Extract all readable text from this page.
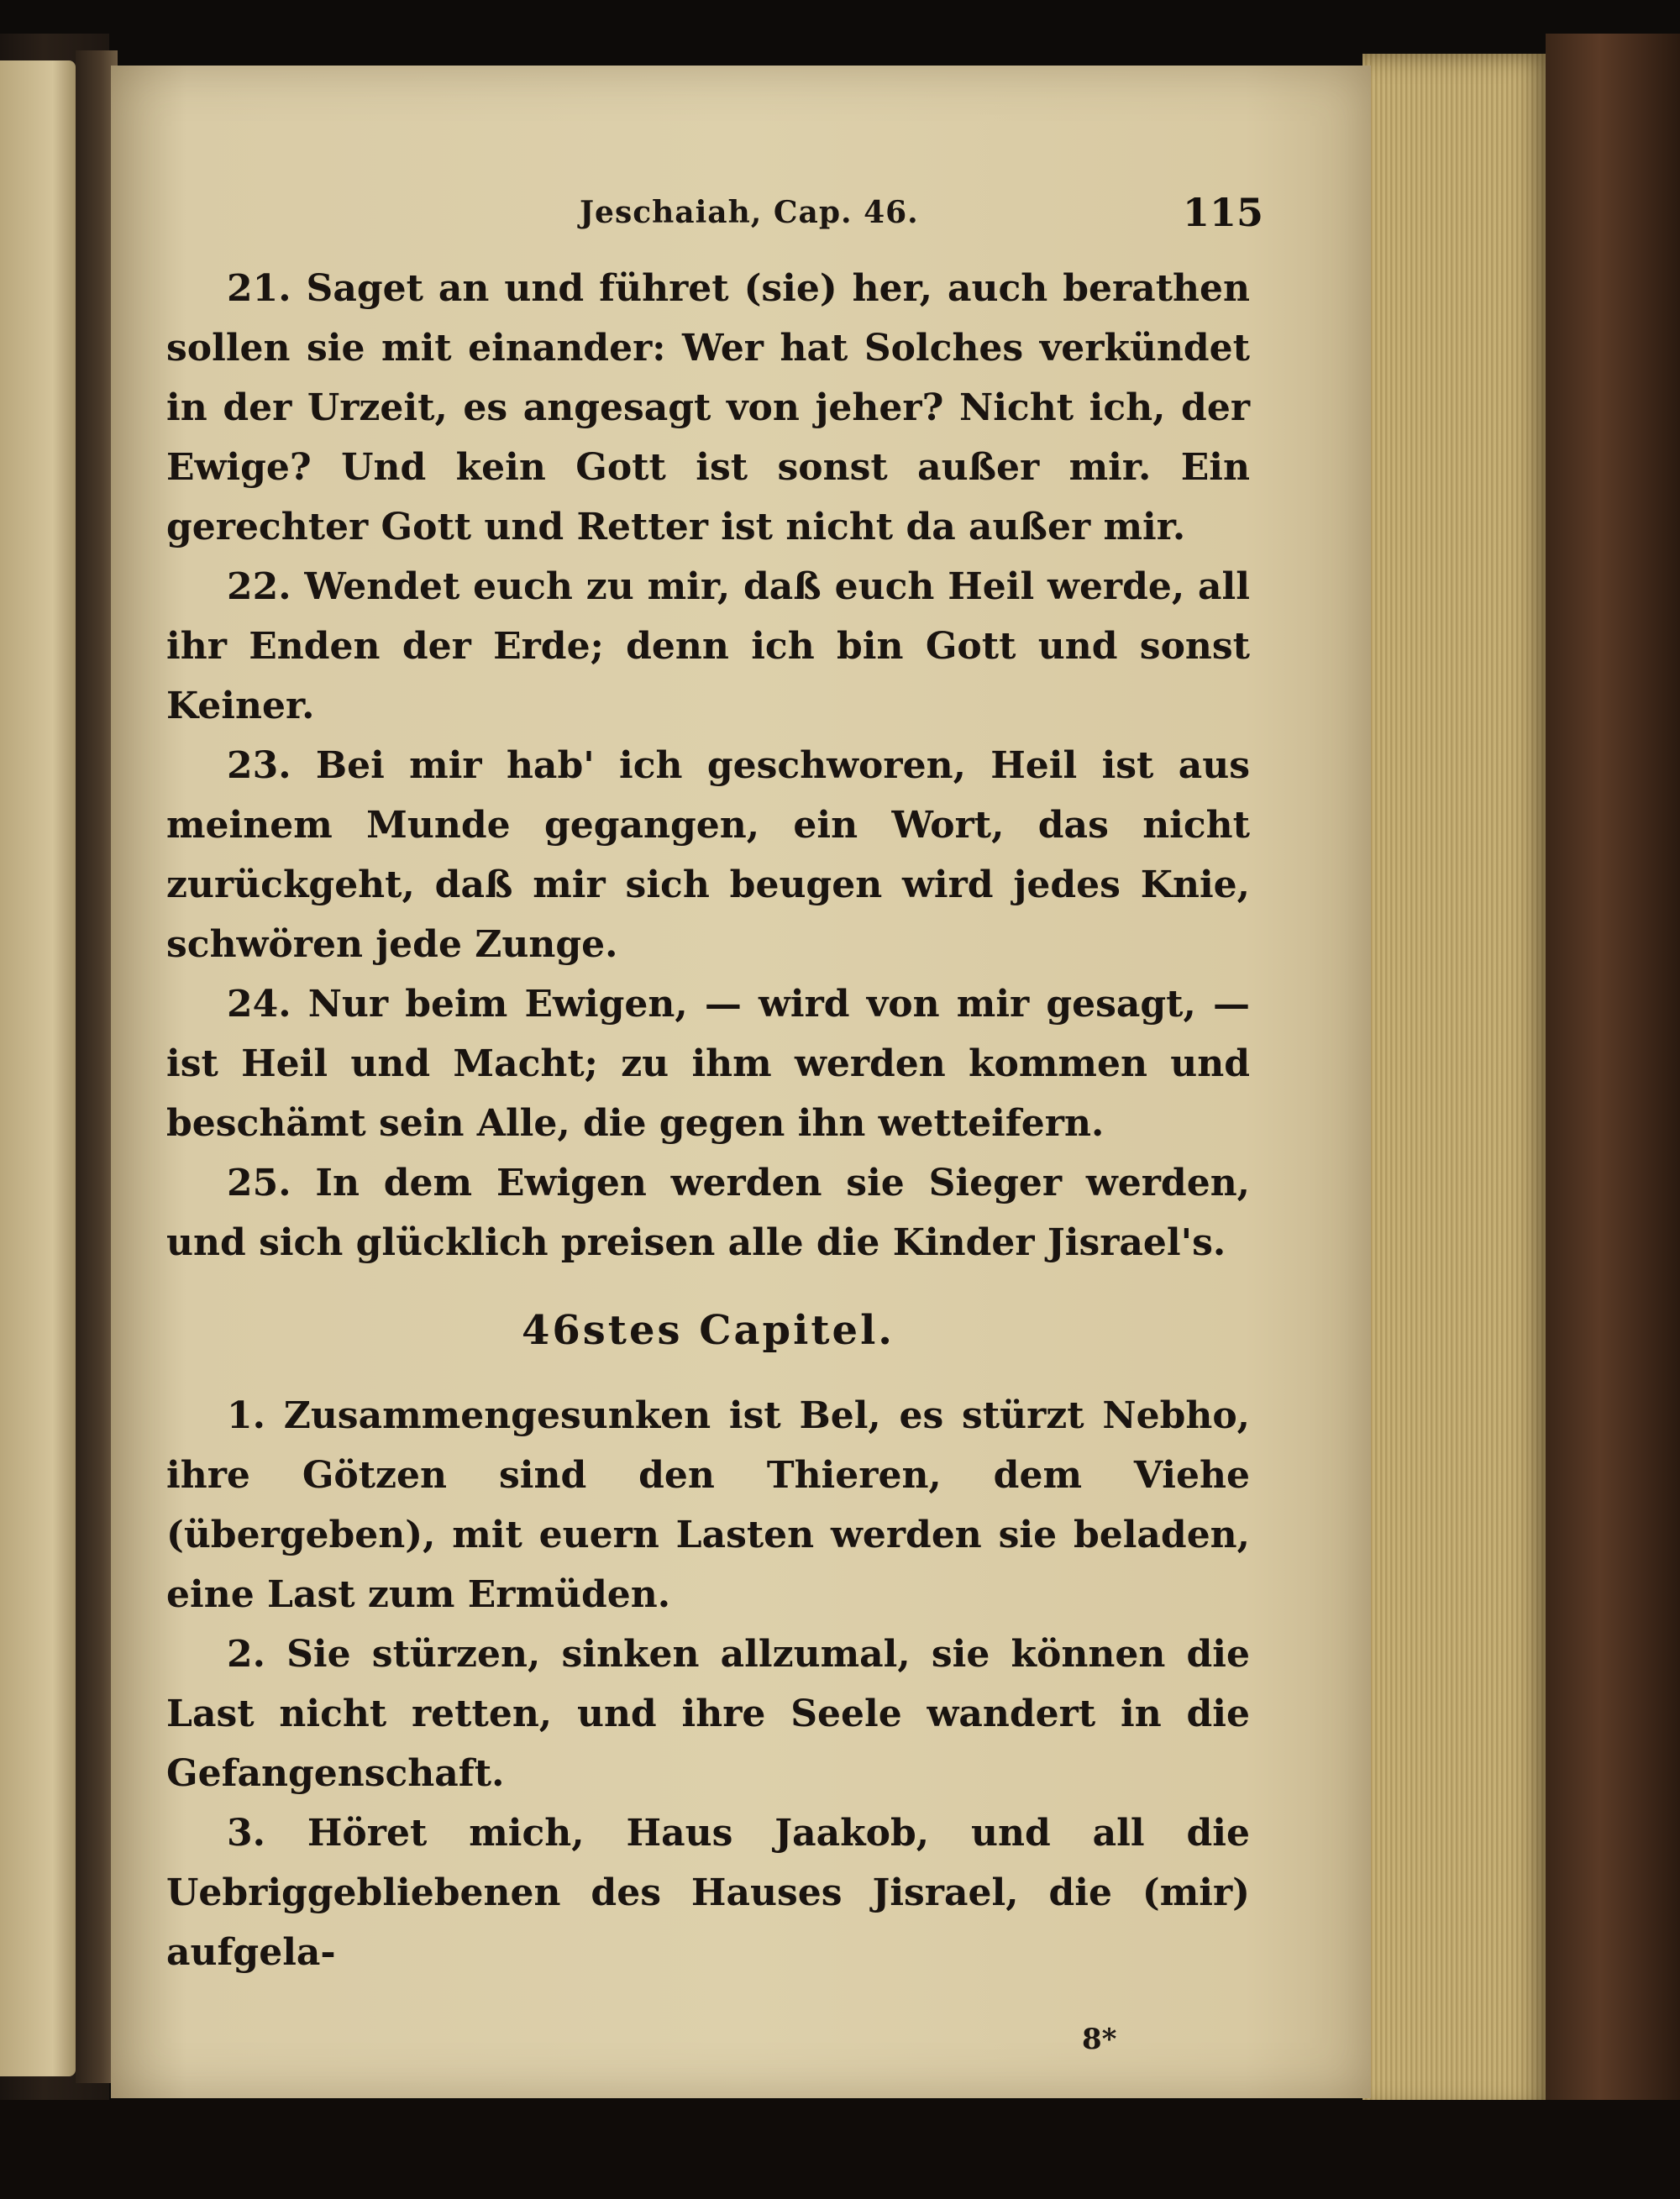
Jeschaiah, Cap. 46.	115

21. Saget an und führet (sie) her, auch berathen sollen sie mit einander: Wer hat Solches verkündet in der Urzeit, es angesagt von jeher? Nicht ich, der Ewige? Und kein Gott ist sonst außer mir. Ein gerechter Gott und Retter ist nicht da außer mir.

22. Wendet euch zu mir, daß euch Heil werde, all ihr Enden der Erde; denn ich bin Gott und sonst Keiner.

23. Bei mir hab' ich geschworen, Heil ist aus meinem Munde gegangen, ein Wort, das nicht zurückgeht, daß mir sich beugen wird jedes Knie, schwören jede Zunge.

24. Nur beim Ewigen, — wird von mir gesagt, — ist Heil und Macht; zu ihm werden kommen und beschämt sein Alle, die gegen ihn wetteifern.

25. In dem Ewigen werden sie Sieger werden, und sich glücklich preisen alle die Kinder Jisrael's.

46stes Capitel.

1. Zusammengesunken ist Bel, es stürzt Nebho, ihre Götzen sind den Thieren, dem Viehe (übergeben), mit euern Lasten werden sie beladen, eine Last zum Ermüden.

2. Sie stürzen, sinken allzumal, sie können die Last nicht retten, und ihre Seele wandert in die Gefangenschaft.

3. Höret mich, Haus Jaakob, und all die Uebriggebliebenen des Hauses Jisrael, die (mir) aufgela-

8*
